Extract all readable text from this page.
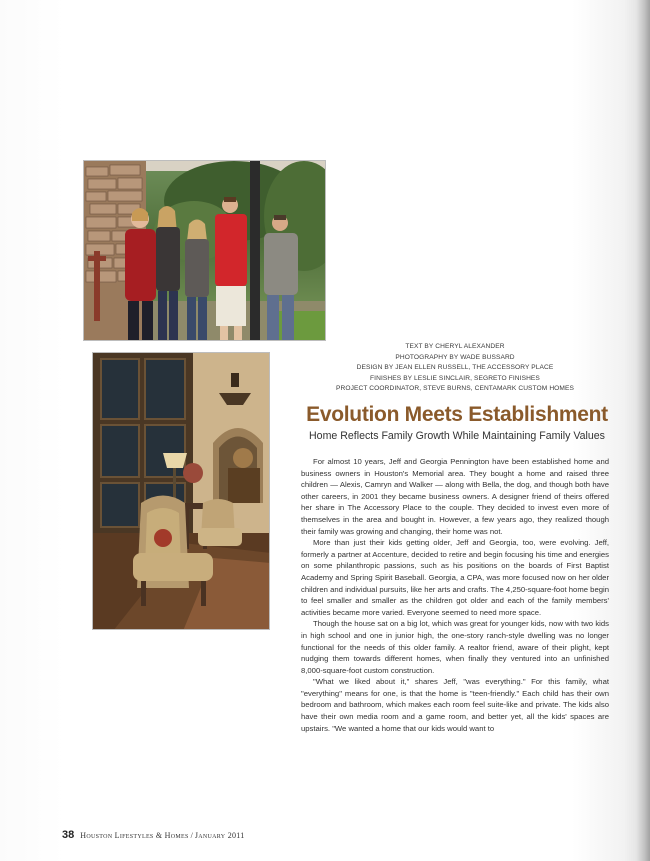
TEXT BY CHERYL ALEXANDER
PHOTOGRAPHY BY WADE BUSSARD
DESIGN BY JEAN ELLEN RUSSELL, THE ACCESSORY PLACE
FINISHES BY LESLIE SINCLAIR, SEGRETO FINISHES
PROJECT COORDINATOR, STEVE BURNS, CENTAMARK CUSTOM HOMES
Evolution Meets Establishment
Home Reflects Family Growth While Maintaining Family Values

For almost 10 years, Jeff and Georgia Pennington have been established home and business owners in Houston's Memorial area. They bought a home and raised three children — Alexis, Camryn and Walker — along with Bella, the dog, and though both have other careers, in 2001 they became business owners. A designer friend of theirs offered her share in The Accessory Place to the couple. They decided to invest even more of themselves in the area and bought in. However, a few years ago, they realized though their family was growing and changing, their home was not.

More than just their kids getting older, Jeff and Georgia, too, were evolving. Jeff, formerly a partner at Accenture, decided to retire and begin focusing his time and energies on some philanthropic passions, such as his positions on the boards of First Baptist Academy and Spring Spirit Baseball. Georgia, a CPA, was more focused now on her older children and individual pursuits, like her arts and crafts. The 4,250-square-foot home begin to feel smaller and smaller as the children got older and each of the family members' activities became more varied. Everyone seemed to need more space.

Though the house sat on a big lot, which was great for younger kids, now with two kids in high school and one in junior high, the one-story ranch-style dwelling was no longer functional for the needs of this older family. A realtor friend, aware of their plight, kept nudging them towards different homes, when finally they ventured into an unfinished 8,000-square-foot custom construction.

"What we liked about it," shares Jeff, "was everything." For this family, what "everything" means for one, is that the home is "teen-friendly." Each child has their own bedroom and bathroom, which makes each room feel suite-like and private. The kids also have their own media room and a game room, and better yet, all the kids' spaces are upstairs. "We wanted a home that our kids would want to

38 Houston Lifestyles & Homes / January 2011
